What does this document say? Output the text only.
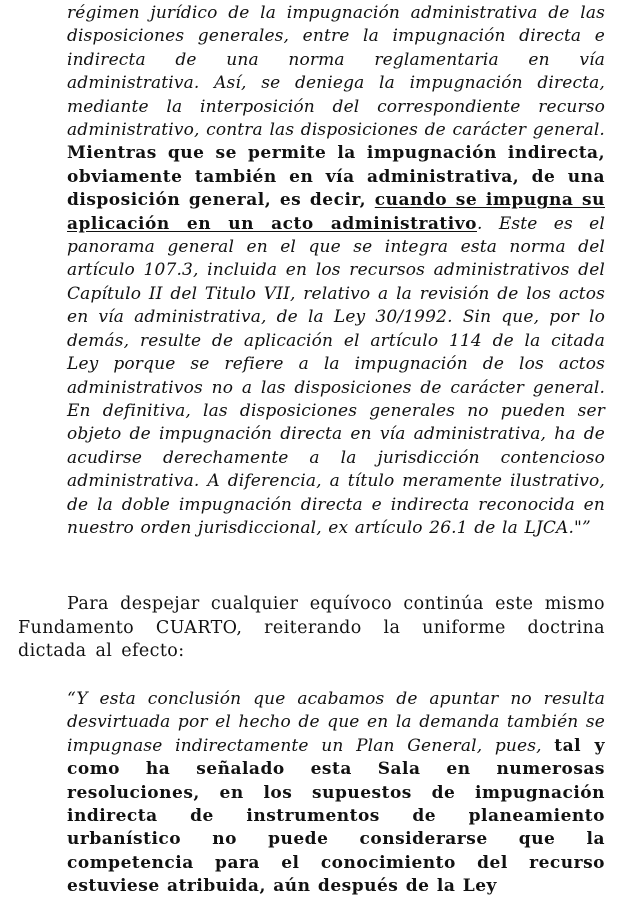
régimen jurídico de la impugnación administrativa de las disposiciones generales, entre la impugnación directa e indirecta de una norma reglamentaria en vía administrativa. Así, se deniega la impugnación directa, mediante la interposición del correspondiente recurso administrativo, contra las disposiciones de carácter general. Mientras que se permite la impugnación indirecta, obviamente también en vía administrativa, de una disposición general, es decir, cuando se impugna su aplicación en un acto administrativo. Este es el panorama general en el que se integra esta norma del artículo 107.3, incluida en los recursos administrativos del Capítulo II del Titulo VII, relativo a la revisión de los actos en vía administrativa, de la Ley 30/1992. Sin que, por lo demás, resulte de aplicación el artículo 114 de la citada Ley porque se refiere a la impugnación de los actos administrativos no a las disposiciones de carácter general. En definitiva, las disposiciones generales no pueden ser objeto de impugnación directa en vía administrativa, ha de acudirse derechamente a la jurisdicción contencioso administrativa. A diferencia, a título meramente ilustrativo, de la doble impugnación directa e indirecta reconocida en nuestro orden jurisdiccional, ex artículo 26.1 de la LJCA."”
Para despejar cualquier equívoco continúa este mismo Fundamento CUARTO, reiterando la uniforme doctrina dictada al efecto:
“Y esta conclusión que acabamos de apuntar no resulta desvirtuada por el hecho de que en la demanda también se impugnase indirectamente un Plan General, pues, tal y como ha señalado esta Sala en numerosas resoluciones, en los supuestos de impugnación indirecta de instrumentos de planeamiento urbanístico no puede considerarse que la competencia para el conocimiento del recurso estuviese atribuida, aún después de la Ley
